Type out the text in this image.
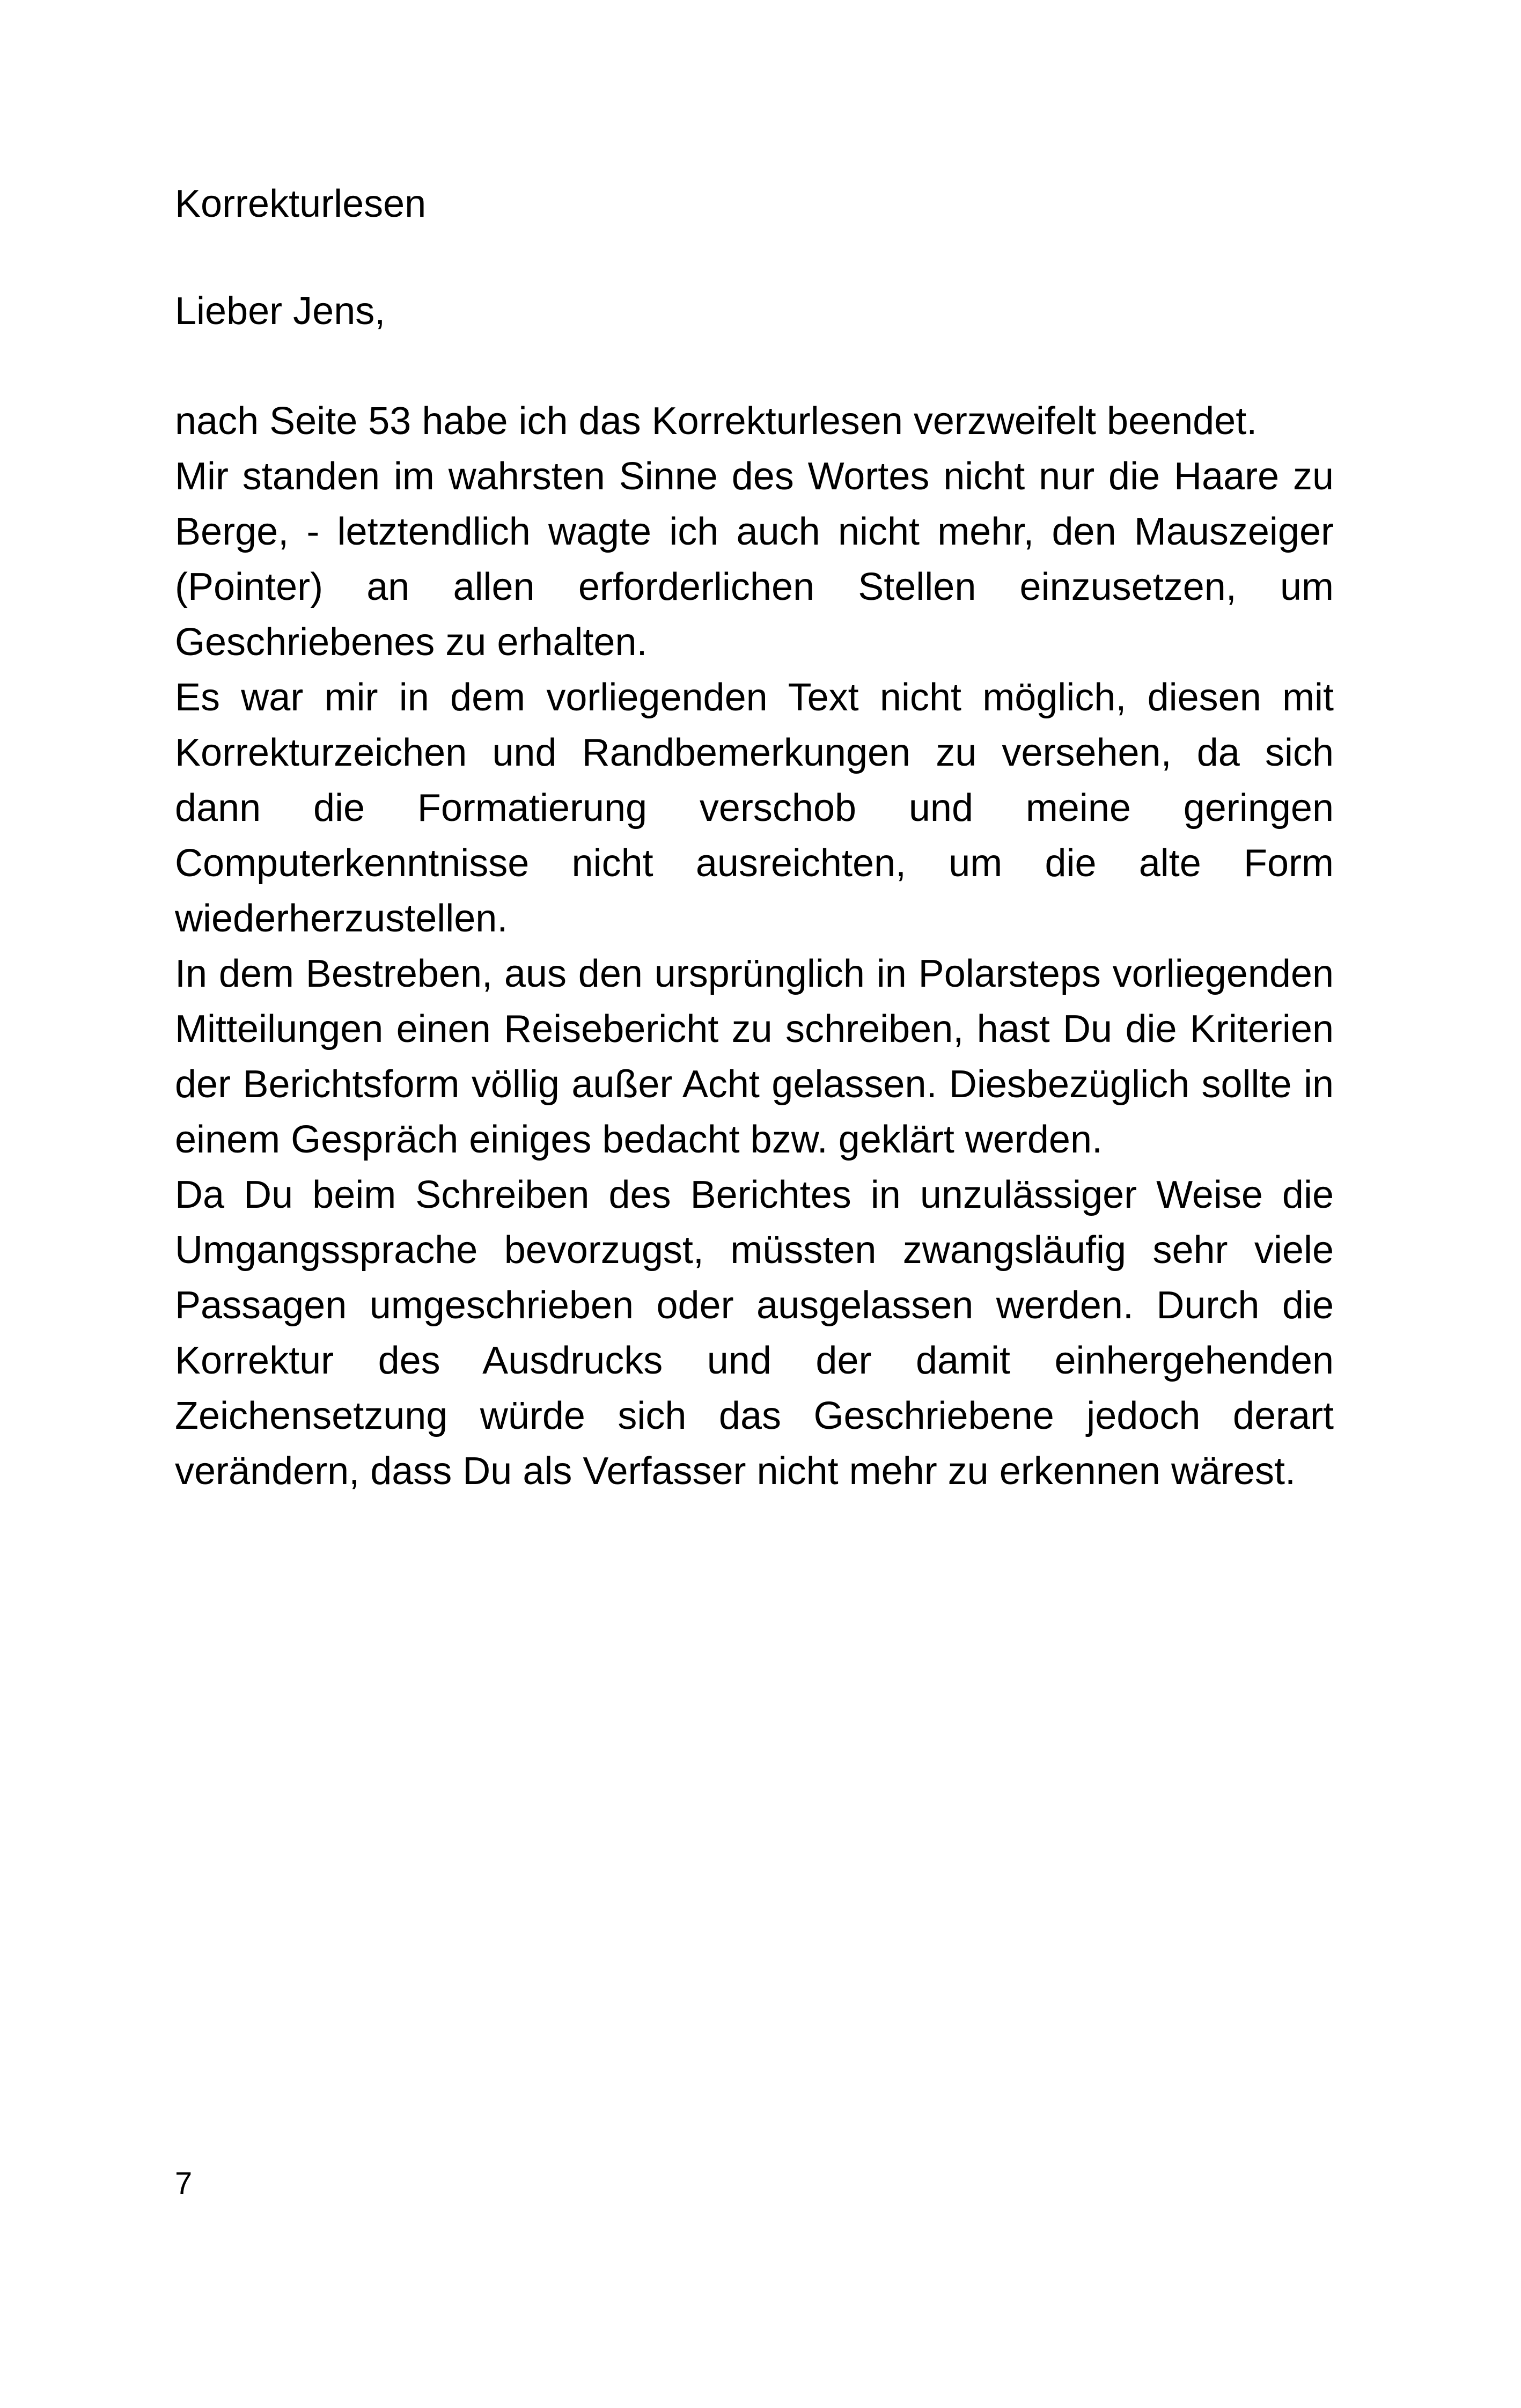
Korrekturlesen

Lieber Jens,

nach Seite 53 habe ich das Korrekturlesen verzweifelt beendet.

Mir standen im wahrsten Sinne des Wortes nicht nur die Haare zu Berge, - letztendlich wagte ich auch nicht mehr, den Mauszeiger (Pointer) an allen erforderlichen Stellen einzusetzen, um Geschriebenes zu erhalten.

Es war mir in dem vorliegenden Text nicht möglich, diesen mit Korrekturzeichen und Randbemerkungen zu versehen, da sich dann die Formatierung verschob und meine geringen Computerkenntnisse nicht ausreichten, um die alte Form wiederherzustellen.

In dem Bestreben, aus den ursprünglich in Polarsteps vorliegenden Mitteilungen einen Reisebericht zu schreiben, hast Du die Kriterien der Berichtsform völlig außer Acht gelassen. Diesbezüglich sollte in einem Gespräch einiges bedacht bzw. geklärt werden.

Da Du beim Schreiben des Berichtes in unzulässiger Weise die Umgangssprache bevorzugst, müssten zwangsläufig sehr viele Passagen umgeschrieben oder ausgelassen werden. Durch die Korrektur des Ausdrucks und der damit einhergehenden Zeichensetzung würde sich das Geschriebene jedoch derart verändern, dass Du als Verfasser nicht mehr zu erkennen wärest.

7
